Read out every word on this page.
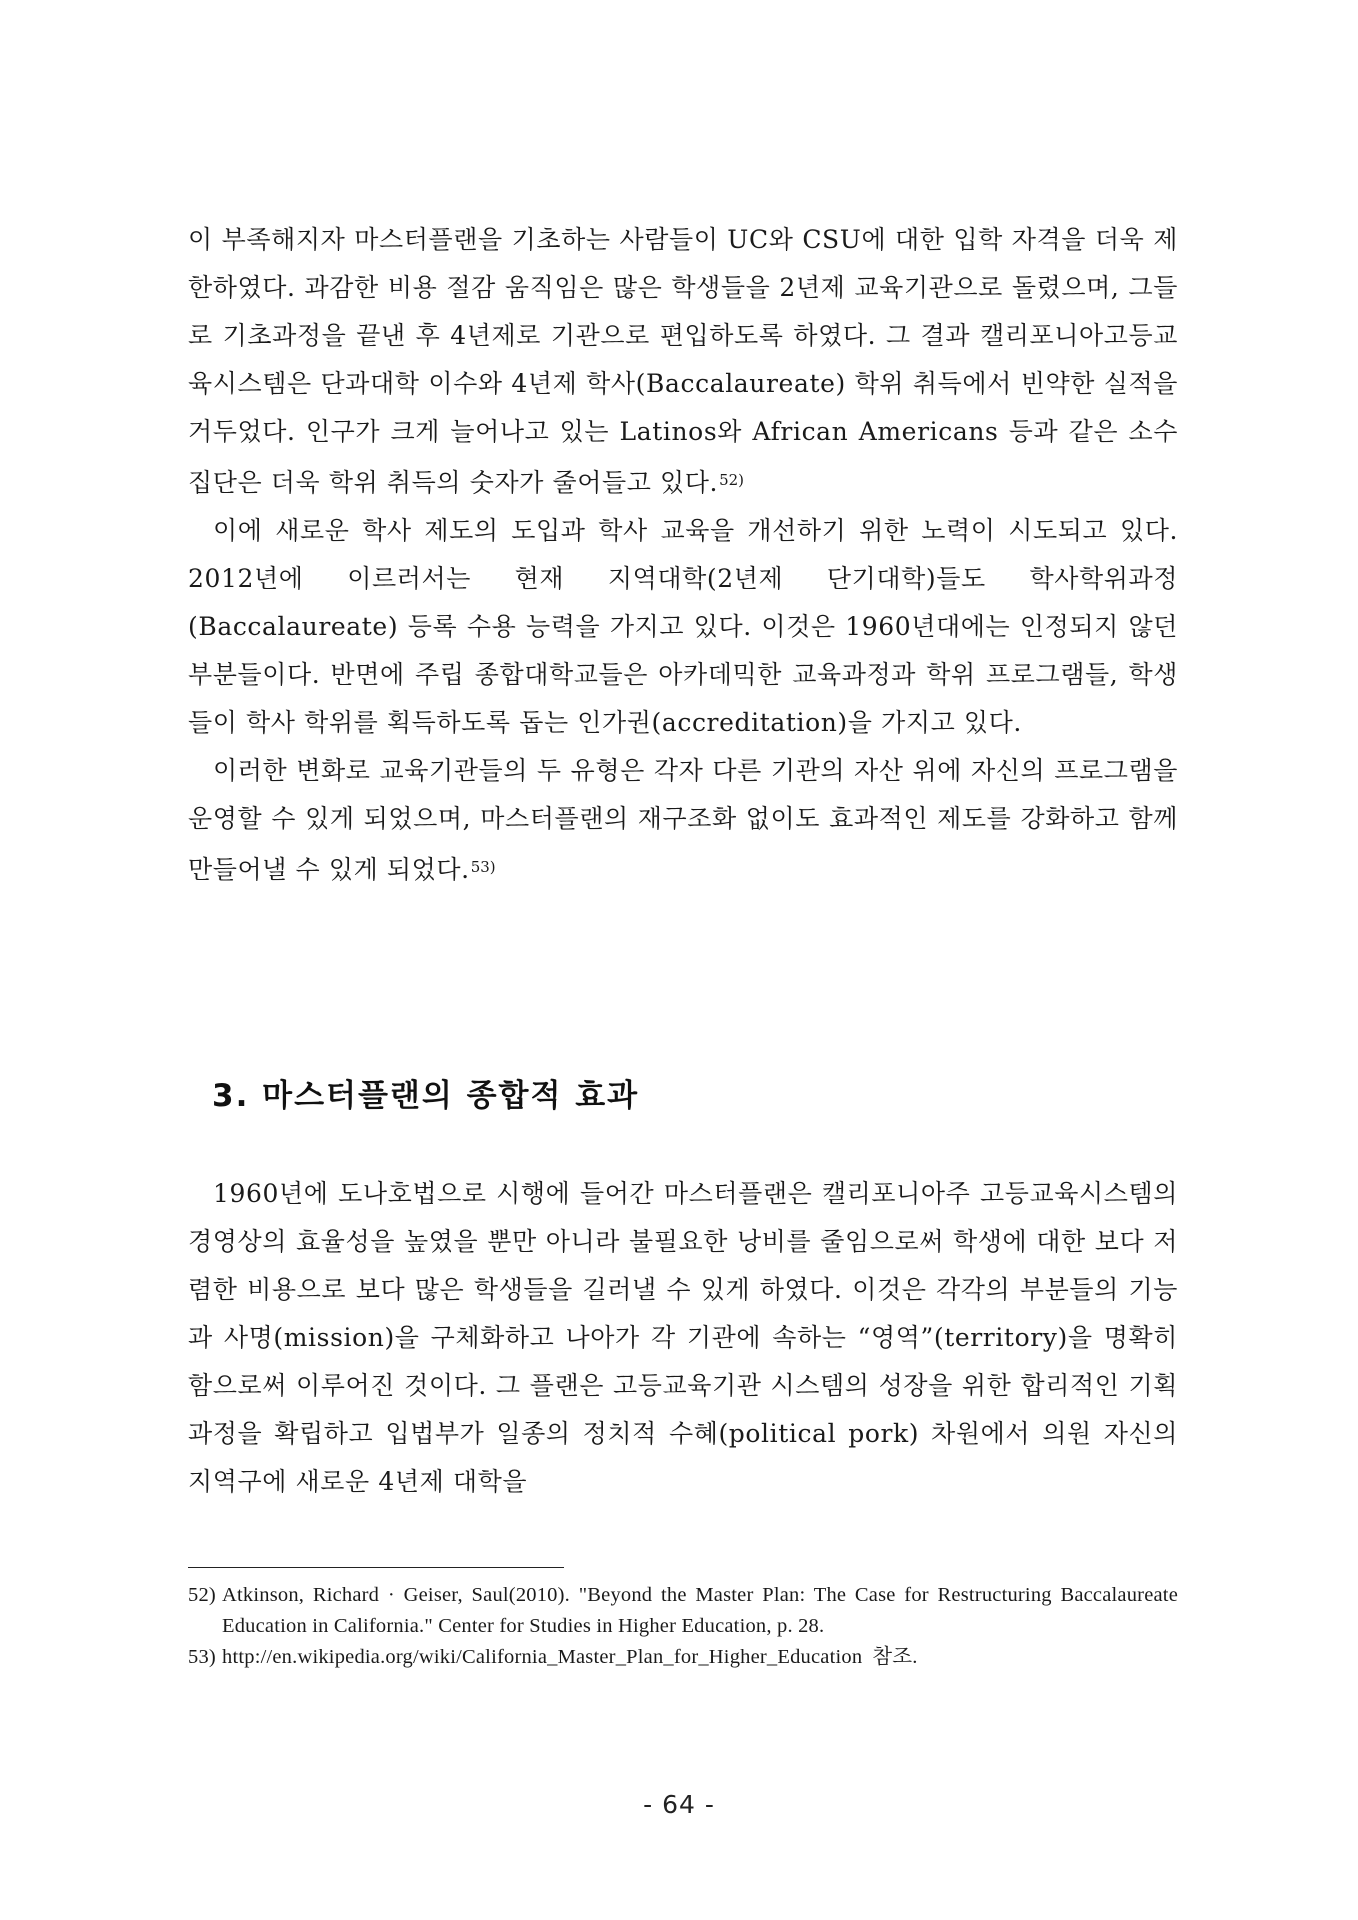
이 부족해지자 마스터플랜을 기초하는 사람들이 UC와 CSU에 대한 입학 자격을 더욱 제한하였다. 과감한 비용 절감 움직임은 많은 학생들을 2년제 교육기관으로 돌렸으며, 그들로 기초과정을 끝낸 후 4년제로 기관으로 편입하도록 하였다. 그 결과 캘리포니아고등교육시스템은 단과대학 이수와 4년제 학사(Baccalaureate) 학위 취득에서 빈약한 실적을 거두었다. 인구가 크게 늘어나고 있는 Latinos와 African Americans 등과 같은 소수집단은 더욱 학위 취득의 숫자가 줄어들고 있다.$^{52)}$

이에 새로운 학사 제도의 도입과 학사 교육을 개선하기 위한 노력이 시도되고 있다. 2012년에 이르러서는 현재 지역대학(2년제 단기대학)들도 학사학위과정(Baccalaureate) 등록 수용 능력을 가지고 있다. 이것은 1960년대에는 인정되지 않던 부분들이다. 반면에 주립 종합대학교들은 아카데믹한 교육과정과 학위 프로그램들, 학생들이 학사 학위를 획득하도록 돕는 인가권(accreditation)을 가지고 있다.

이러한 변화로 교육기관들의 두 유형은 각자 다른 기관의 자산 위에 자신의 프로그램을 운영할 수 있게 되었으며, 마스터플랜의 재구조화 없이도 효과적인 제도를 강화하고 함께 만들어낼 수 있게 되었다.$^{53)}$

3. 마스터플랜의 종합적 효과

1960년에 도나호법으로 시행에 들어간 마스터플랜은 캘리포니아주 고등교육시스템의 경영상의 효율성을 높였을 뿐만 아니라 불필요한 낭비를 줄임으로써 학생에 대한 보다 저렴한 비용으로 보다 많은 학생들을 길러낼 수 있게 하였다. 이것은 각각의 부분들의 기능과 사명(mission)을 구체화하고 나아가 각 기관에 속하는 “영역”(territory)을 명확히 함으로써 이루어진 것이다. 그 플랜은 고등교육기관 시스템의 성장을 위한 합리적인 기획 과정을 확립하고 입법부가 일종의 정치적 수혜(political pork) 차원에서 의원 자신의 지역구에 새로운 4년제 대학을

52) Atkinson, Richard · Geiser, Saul(2010). "Beyond the Master Plan: The Case for Restructuring Baccalaureate Education in California." Center for Studies in Higher Education, p. 28.
53) http://en.wikipedia.org/wiki/California_Master_Plan_for_Higher_Education 참조.
- 64 -
